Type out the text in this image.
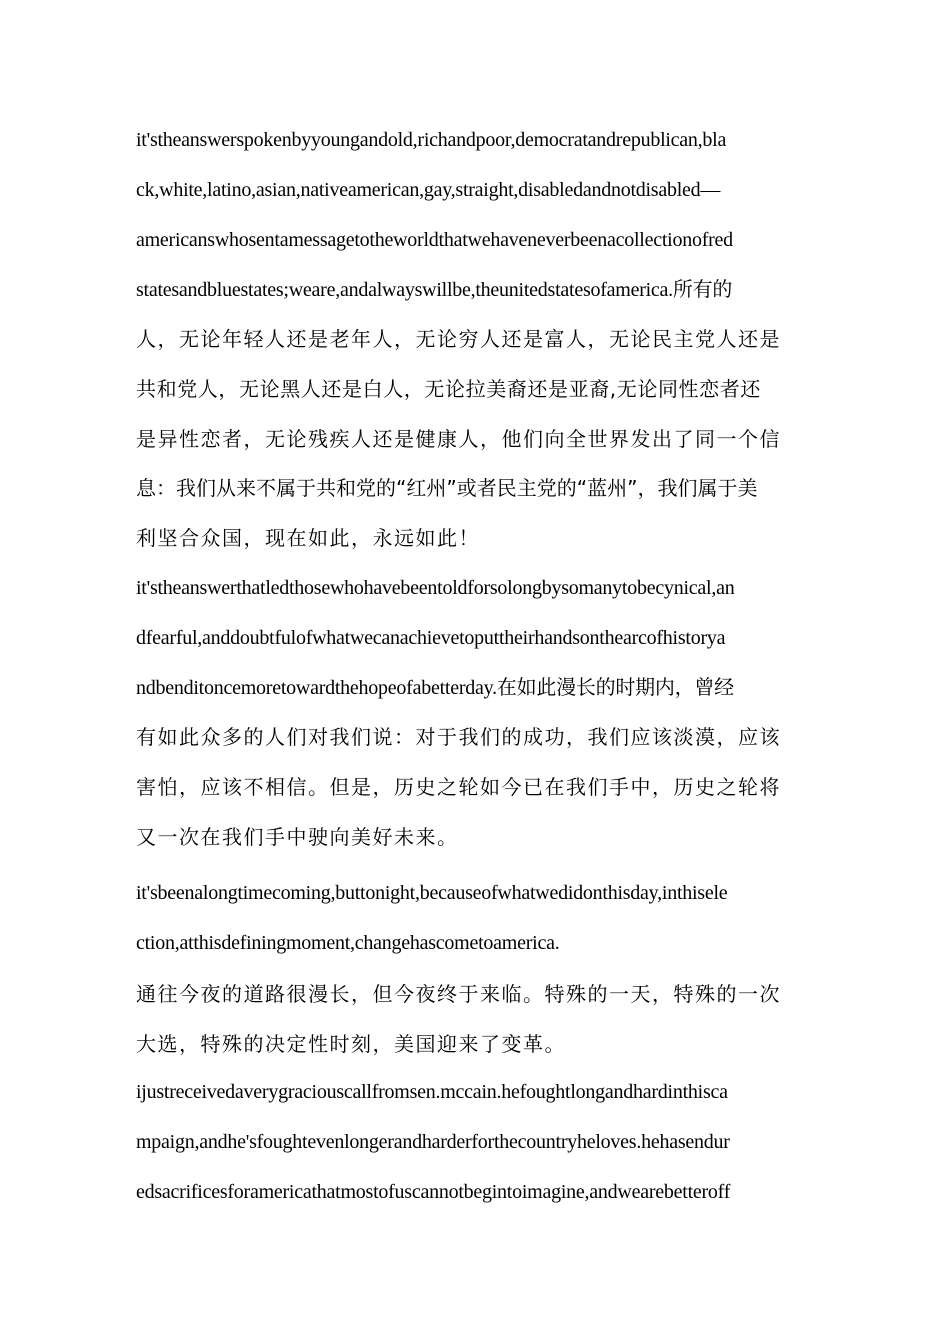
it'stheanswerspokenbyyoungandold,richandpoor,democratandrepublican,bla
ck,white,latino,asian,nativeamerican,gay,straight,disabledandnotdisabled—
americanswhosentamessagetotheworldthatwehaveneverbeenacollectionofred
statesandbluestates;weare,andalwayswillbe,theunitedstatesofamerica.所有的
人，无论年轻人还是老年人，无论穷人还是富人，无论民主党人还是
共和党人，无论黑人还是白人，无论拉美裔还是亚裔,无论同性恋者还
是异性恋者，无论残疾人还是健康人，他们向全世界发出了同一个信
息：我们从来不属于共和党的“红州”或者民主党的“蓝州”，我们属于美
利坚合众国，现在如此，永远如此！
it'stheanswerthatledthosewhohavebeentoldforsolongbysomanytobecynical,an
dfearful,anddoubtfulofwhatwecanachievetoputtheirhandsonthearcofhistorya
ndbenditoncemoretowardthehopeofabetterday.在如此漫长的时期内，曾经
有如此众多的人们对我们说：对于我们的成功，我们应该淡漠，应该
害怕，应该不相信。但是，历史之轮如今已在我们手中，历史之轮将
又一次在我们手中驶向美好未来。
it'sbeenalongtimecoming,buttonight,becauseofwhatwedidonthisday,inthisele
ction,atthisdefiningmoment,changehascometoamerica.
通往今夜的道路很漫长，但今夜终于来临。特殊的一天，特殊的一次
大选，特殊的决定性时刻，美国迎来了变革。
ijustreceivedaverygraciouscallfromsen.mccain.hefoughtlongandhardinthisca
mpaign,andhe'sfoughtevenlongerandharderforthecountryheloves.hehasendur
edsacrificesforamericathatmostofuscannotbegintoimagine,andwearebetteroff
